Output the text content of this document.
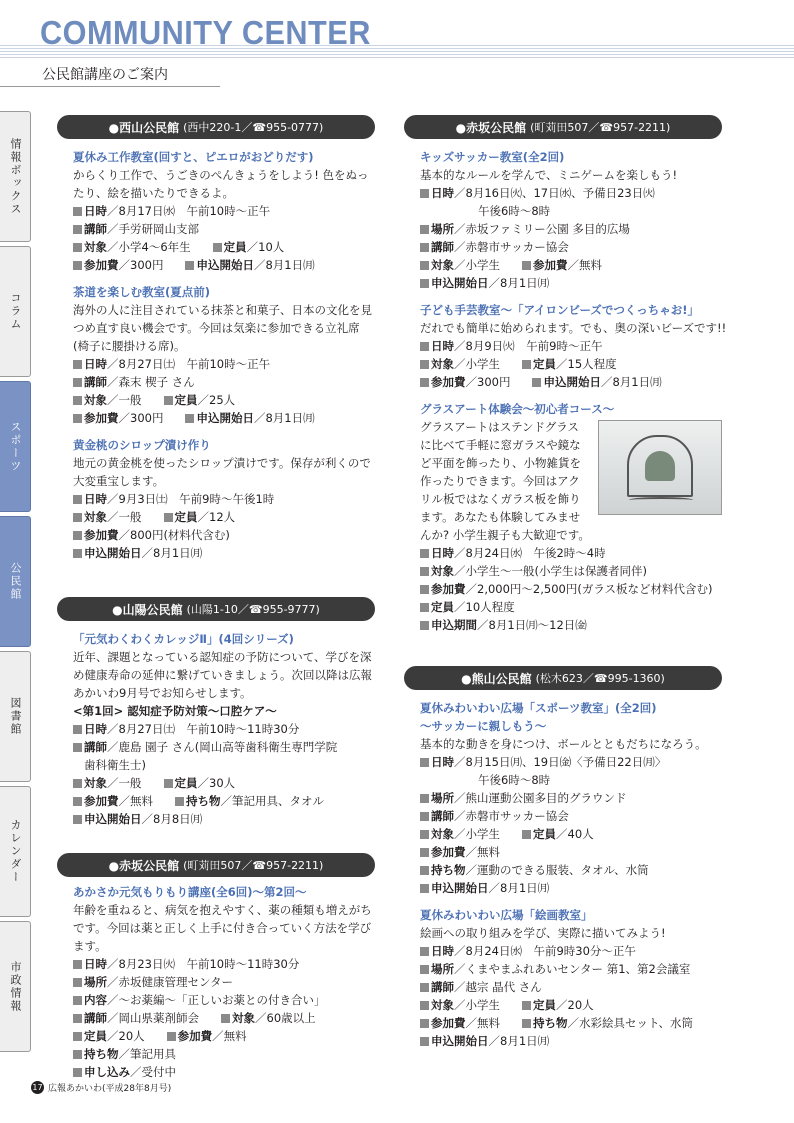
COMMUNITY CENTER
公民館講座のご案内
情報ボックス
コラム
スポーツ
公民館
図書館
カレンダー
市政情報
●西山公民館 (西中220-1／☎955-0777)
夏休み工作教室(回すと、ピエロがおどりだす)
からくり工作で、うごきのぺんきょうをしよう! 色をぬったり、絵を描いたりできるよ。
日時／8月17日㈬　午前10時～正午
講師／手労研岡山支部
対象／小学4～6年生	定員／10人
参加費／300円	申込開始日／8月1日㈪
茶道を楽しむ教室(夏点前)
海外の人に注目されている抹茶と和菓子、日本の文化を見つめ直す良い機会です。今回は気楽に参加できる立礼席(椅子に腰掛ける席)。
日時／8月27日㈯　午前10時～正午
講師／森末 楔子 さん
対象／一般	定員／25人
参加費／300円	申込開始日／8月1日㈪
黄金桃のシロップ漬け作り
地元の黄金桃を使ったシロップ漬けです。保存が利くので大変重宝します。
日時／9月3日㈯　午前9時～午後1時
対象／一般	定員／12人
参加費／800円(材料代含む)
申込開始日／8月1日㈪
●山陽公民館 (山陽1-10／☎955-9777)
「元気わくわくカレッジⅡ」(4回シリーズ)
近年、課題となっている認知症の予防について、学びを深め健康寿命の延伸に繋げていきましょう。次回以降は広報あかいわ9月号でお知らせします。
<第1回> 認知症予防対策～口腔ケア～
日時／8月27日㈯　午前10時～11時30分
講師／鹿島 園子 さん(岡山高等歯科衛生専門学院
歯科衛生士)
対象／一般	定員／30人
参加費／無料	持ち物／筆記用具、タオル
申込開始日／8月8日㈪
●赤坂公民館 (町苅田507／☎957-2211)
あかさか元気もりもり講座(全6回)～第2回～
年齢を重ねると、病気を抱えやすく、薬の種類も増えがちです。今回は薬と正しく上手に付き合っていく方法を学びます。
日時／8月23日㈫　午前10時～11時30分
場所／赤坂健康管理センター
内容／～お薬編～「正しいお薬との付き合い」
講師／岡山県薬剤師会	対象／60歳以上
定員／20人	参加費／無料
持ち物／筆記用具
申し込み／受付中
●赤坂公民館 (町苅田507／☎957-2211)
キッズサッカー教室(全2回)
基本的なルールを学んで、ミニゲームを楽しもう!
日時／8月16日㈫、17日㈬、予備日23日㈫
午後6時～8時
場所／赤坂ファミリー公園 多目的広場
講師／赤磐市サッカー協会
対象／小学生	参加費／無料
申込開始日／8月1日㈪
子ども手芸教室～「アイロンビーズでつくっちゃお!」
だれでも簡単に始められます。でも、奥の深いビーズです!!
日時／8月9日㈫　午前9時～正午
対象／小学生	定員／15人程度
参加費／300円	申込開始日／8月1日㈪
グラスアート体験会～初心者コース～
グラスアートはステンドグラスに比べて手軽に窓ガラスや鏡など平面を飾ったり、小物雑貨を作ったりできます。今回はアクリル板ではなくガラス板を飾ります。あなたも体験してみませんか? 小学生親子も大歓迎です。
日時／8月24日㈬　午後2時～4時
対象／小学生～一般(小学生は保護者同伴)
参加費／2,000円～2,500円(ガラス板など材料代含む)
定員／10人程度
申込期間／8月1日㈪～12日㈮
●熊山公民館 (松木623／☎995-1360)
夏休みわいわい広場「スポーツ教室」(全2回)
～サッカーに親しもう～
基本的な動きを身につけ、ボールとともだちになろう。
日時／8月15日㈪、19日㈮〈予備日22日㈪〉
午後6時～8時
場所／熊山運動公園多目的グラウンド
講師／赤磐市サッカー協会
対象／小学生	定員／40人
参加費／無料
持ち物／運動のできる服装、タオル、水筒
申込開始日／8月1日㈪
夏休みわいわい広場「絵画教室」
絵画への取り組みを学び、実際に描いてみよう!
日時／8月24日㈬　午前9時30分～正午
場所／くまやまふれあいセンター 第1、第2会議室
講師／越宗 晶代 さん
対象／小学生	定員／20人
参加費／無料	持ち物／水彩絵具セット、水筒
申込開始日／8月1日㈪
17 広報あかいわ(平成28年8月号)
